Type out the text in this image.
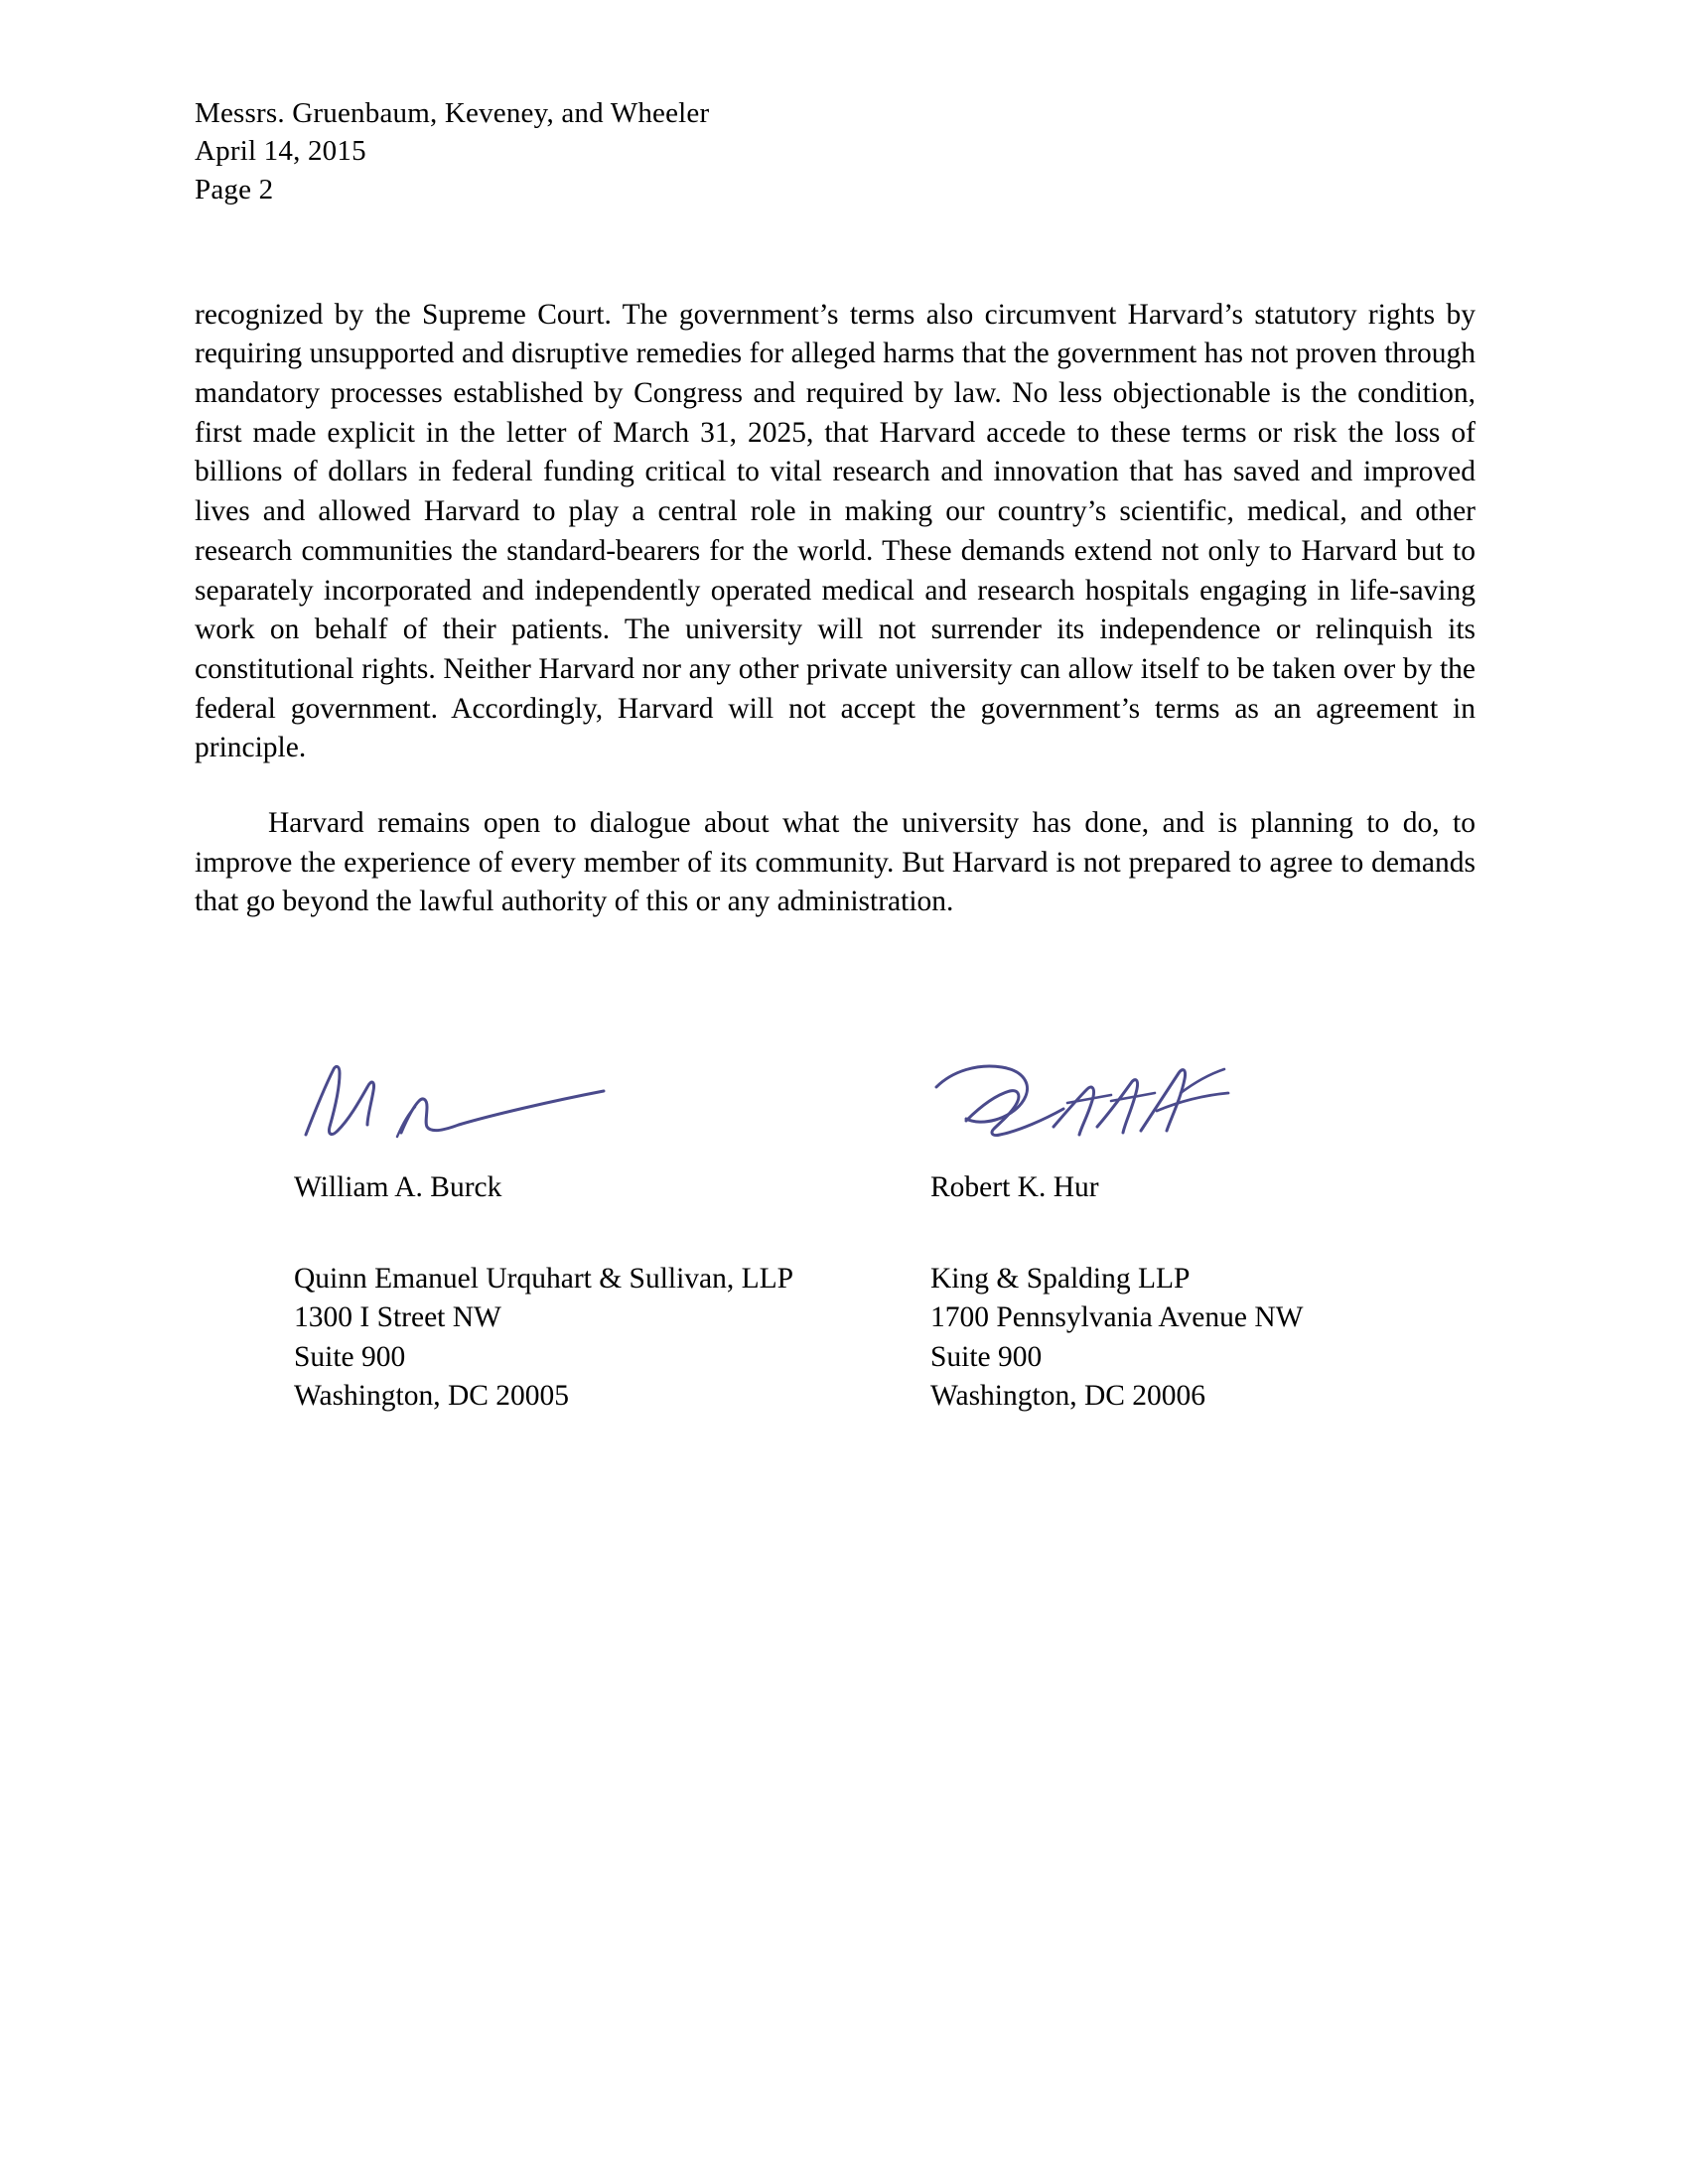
Messrs. Gruenbaum, Keveney, and Wheeler
April 14, 2015
Page 2

recognized by the Supreme Court. The government’s terms also circumvent Harvard’s statutory rights by requiring unsupported and disruptive remedies for alleged harms that the government has not proven through mandatory processes established by Congress and required by law. No less objectionable is the condition, first made explicit in the letter of March 31, 2025, that Harvard accede to these terms or risk the loss of billions of dollars in federal funding critical to vital research and innovation that has saved and improved lives and allowed Harvard to play a central role in making our country’s scientific, medical, and other research communities the standard-bearers for the world. These demands extend not only to Harvard but to separately incorporated and independently operated medical and research hospitals engaging in life-saving work on behalf of their patients. The university will not surrender its independence or relinquish its constitutional rights. Neither Harvard nor any other private university can allow itself to be taken over by the federal government. Accordingly, Harvard will not accept the government’s terms as an agreement in principle.

Harvard remains open to dialogue about what the university has done, and is planning to do, to improve the experience of every member of its community. But Harvard is not prepared to agree to demands that go beyond the lawful authority of this or any administration.

William A. Burck
Quinn Emanuel Urquhart & Sullivan, LLP
1300 I Street NW
Suite 900
Washington, DC 20005
Robert K. Hur
King & Spalding LLP
1700 Pennsylvania Avenue NW
Suite 900
Washington, DC 20006
